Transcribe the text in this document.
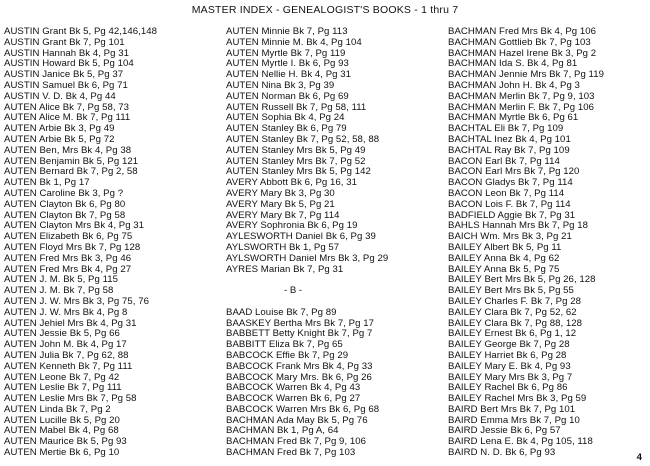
MASTER INDEX - GENEALOGIST'S BOOKS - 1 thru 7
AUSTIN Grant Bk 5, Pg 42,146,148
AUSTIN Grant Bk 7, Pg 101
AUSTIN Hannah Bk 4, Pg 31
AUSTIN Howard Bk 5, Pg 104
AUSTIN Janice Bk 5, Pg 37
AUSTIN Samuel Bk 6, Pg 71
AUSTIN V. D. Bk 4, Pg 44
AUTEN Alice Bk 7, Pg 58, 73
AUTEN Alice M. Bk 7, Pg 111
AUTEN Arbie Bk 3, Pg 49
AUTEN Arbie Bk 5, Pg 72
AUTEN Ben, Mrs Bk 4, Pg 38
AUTEN Benjamin Bk 5, Pg 121
AUTEN Bernard Bk 7, Pg 2, 58
AUTEN Bk 1, Pg 17
AUTEN Caroline Bk 3, Pg ?
AUTEN Clayton Bk 6, Pg 80
AUTEN Clayton Bk 7, Pg 58
AUTEN Clayton Mrs Bk 4, Pg 31
AUTEN Elizabeth Bk 6, Pg 75
AUTEN Floyd Mrs Bk 7, Pg 128
AUTEN Fred Mrs Bk 3, Pg 46
AUTEN Fred Mrs Bk 4, Pg 27
AUTEN J. M. Bk 5, Pg 115
AUTEN J. M. Bk 7, Pg 58
AUTEN J. W. Mrs Bk 3, Pg 75, 76
AUTEN J. W. Mrs Bk 4, Pg 8
AUTEN Jehiel Mrs Bk 4, Pg 31
AUTEN Jessie Bk 5, Pg 66
AUTEN John M. Bk 4, Pg 17
AUTEN Julia Bk 7, Pg 62, 88
AUTEN Kenneth Bk 7, Pg 111
AUTEN Leone Bk 7, Pg 42
AUTEN Leslie Bk 7, Pg 111
AUTEN Leslie Mrs Bk 7, Pg 58
AUTEN Linda Bk 7, Pg 2
AUTEN Lucille Bk 5, Pg 20
AUTEN Mabel Bk 4, Pg 68
AUTEN Maurice Bk 5, Pg 93
AUTEN Mertie Bk 6, Pg 10
AUTEN Minnie Bk 7, Pg 113
AUTEN Minnie M. Bk 4, Pg 104
AUTEN Myrtle Bk 7, Pg 119
AUTEN Myrtle I. Bk 6, Pg 93
AUTEN Nellie H. Bk 4, Pg 31
AUTEN Nina Bk 3, Pg 39
AUTEN Norman Bk 6, Pg 69
AUTEN Russell Bk 7, Pg 58, 111
AUTEN Sophia Bk 4, Pg 24
AUTEN Stanley Bk 6, Pg 79
AUTEN Stanley Bk 7, Pg 52, 58, 88
AUTEN Stanley Mrs Bk 5, Pg 49
AUTEN Stanley Mrs Bk 7, Pg 52
AUTEN Stanley Mrs Bk 5, Pg 142
AVERY Abbott Bk 6, Pg 16, 31
AVERY Mary Bk 3, Pg 30
AVERY Mary Bk 5, Pg 21
AVERY Mary Bk 7, Pg 114
AVERY Sophronia Bk 6, Pg 19
AYLESWORTH Daniel Bk 6, Pg 39
AYLSWORTH Bk 1, Pg 57
AYLSWORTH Daniel Mrs Bk 3, Pg 29
AYRES Marian Bk 7, Pg 31
- B -
BAAD Louise Bk 7, Pg 89
BAASKEY Bertha Mrs Bk 7, Pg 17
BABBETT Betty Knight Bk 7, Pg 7
BABBITT Eliza Bk 7, Pg 65
BABCOCK Effie Bk 7, Pg 29
BABCOCK Frank Mrs Bk 4, Pg 33
BABCOCK Mary Mrs. Bk 6, Pg 26
BABCOCK Warren Bk 4, Pg 43
BABCOCK Warren Bk 6, Pg 27
BABCOCK Warren Mrs Bk 6, Pg 68
BACHMAN Ada May Bk 5, Pg 76
BACHMAN Bk 1, Pg A, 64
BACHMAN Fred Bk 7, Pg 9, 106
BACHMAN Fred Bk 7, Pg 103
BACHMAN Fred Mrs Bk 4, Pg 106
BACHMAN Gottlieb Bk 7, Pg 103
BACHMAN Hazel Irene Bk 3, Pg 2
BACHMAN Ida S. Bk 4, Pg 81
BACHMAN Jennie Mrs Bk 7, Pg 119
BACHMAN John H. Bk 4, Pg 3
BACHMAN Merlin Bk 7, Pg 9, 103
BACHMAN Merlin F. Bk 7, Pg 106
BACHMAN Myrtle Bk 6, Pg 61
BACHTAL Eli Bk 7, Pg 109
BACHTAL Inez Bk 4, Pg 101
BACHTAL Ray Bk 7, Pg 109
BACON Earl Bk 7, Pg 114
BACON Earl Mrs Bk 7, Pg 120
BACON Gladys Bk 7, Pg 114
BACON Leon Bk 7, Pg 114
BACON Lois F. Bk 7, Pg 114
BADFIELD Aggie Bk 7, Pg 31
BAHLS Hannah Mrs Bk 7, Pg 18
BAICH Wm. Mrs Bk 3, Pg 21
BAILEY Albert Bk 5, Pg 11
BAILEY Anna Bk 4, Pg 62
BAILEY Anna Bk 5, Pg 75
BAILEY Bert Mrs Bk 5, Pg 26, 128
BAILEY Bert Mrs Bk 5, Pg 55
BAILEY Charles F. Bk 7, Pg 28
BAILEY Clara Bk 7, Pg 52, 62
BAILEY Clara Bk 7, Pg 88, 128
BAILEY Ernest Bk 6, Pg 1, 12
BAILEY George Bk 7, Pg 28
BAILEY Harriet Bk 6, Pg 28
BAILEY Mary E. Bk 4, Pg 93
BAILEY Mary Mrs Bk 3, Pg 7
BAILEY Rachel Bk 6, Pg 86
BAILEY Rachel Mrs Bk 3, Pg 59
BAIRD Bert Mrs Bk 7, Pg 101
BAIRD Emma Mrs Bk 7, Pg 10
BAIRD Jessie Bk 6, Pg 57
BAIRD Lena E. Bk 4, Pg 105, 118
BAIRD N. D. Bk 6, Pg 93	4
